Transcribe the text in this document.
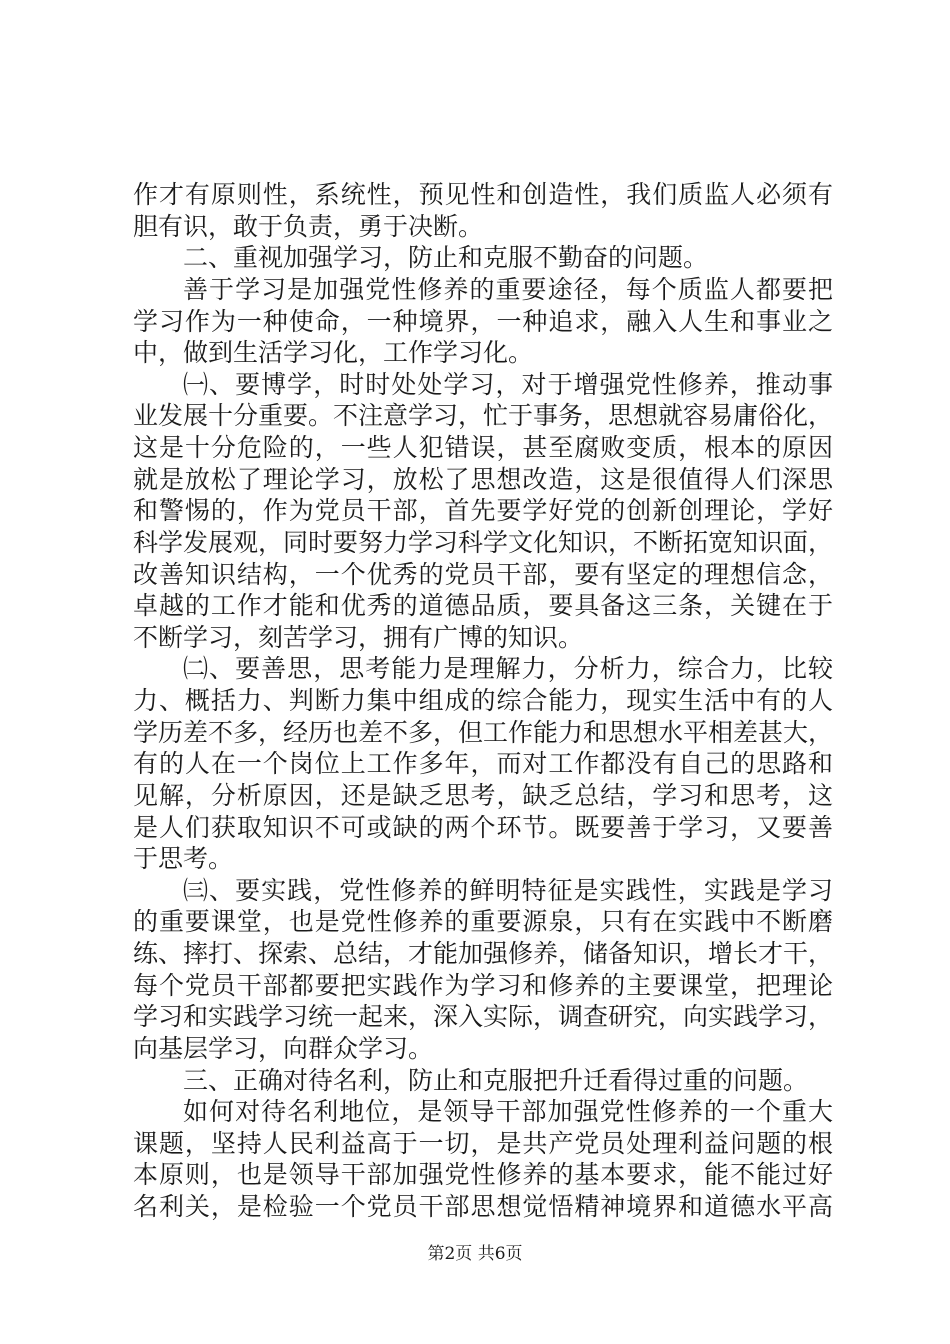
作才有原则性，系统性，预见性和创造性，我们质监人必须有
胆有识，敢于负责，勇于决断。
二、重视加强学习，防止和克服不勤奋的问题。
善于学习是加强党性修养的重要途径，每个质监人都要把
学习作为一种使命，一种境界，一种追求，融入人生和事业之
中，做到生活学习化，工作学习化。
㈠、要博学，时时处处学习，对于增强党性修养，推动事
业发展十分重要。不注意学习，忙于事务，思想就容易庸俗化，
这是十分危险的，一些人犯错误，甚至腐败变质，根本的原因
就是放松了理论学习，放松了思想改造，这是很值得人们深思
和警惕的，作为党员干部，首先要学好党的创新创理论，学好
科学发展观，同时要努力学习科学文化知识，不断拓宽知识面，
改善知识结构，一个优秀的党员干部，要有坚定的理想信念，
卓越的工作才能和优秀的道德品质，要具备这三条，关键在于
不断学习，刻苦学习，拥有广博的知识。
㈡、要善思，思考能力是理解力，分析力，综合力，比较
力、概括力、判断力集中组成的综合能力，现实生活中有的人
学历差不多，经历也差不多，但工作能力和思想水平相差甚大，
有的人在一个岗位上工作多年，而对工作都没有自己的思路和
见解，分析原因，还是缺乏思考，缺乏总结，学习和思考，这
是人们获取知识不可或缺的两个环节。既要善于学习，又要善
于思考。
㈢、要实践，党性修养的鲜明特征是实践性，实践是学习
的重要课堂，也是党性修养的重要源泉，只有在实践中不断磨
练、摔打、探索、总结，才能加强修养，储备知识，增长才干，
每个党员干部都要把实践作为学习和修养的主要课堂，把理论
学习和实践学习统一起来，深入实际，调查研究，向实践学习，
向基层学习，向群众学习。
三、正确对待名利，防止和克服把升迁看得过重的问题。
如何对待名利地位，是领导干部加强党性修养的一个重大
课题，坚持人民利益高于一切，是共产党员处理利益问题的根
本原则，也是领导干部加强党性修养的基本要求，能不能过好
名利关，是检验一个党员干部思想觉悟精神境界和道德水平高
第2页 共6页
